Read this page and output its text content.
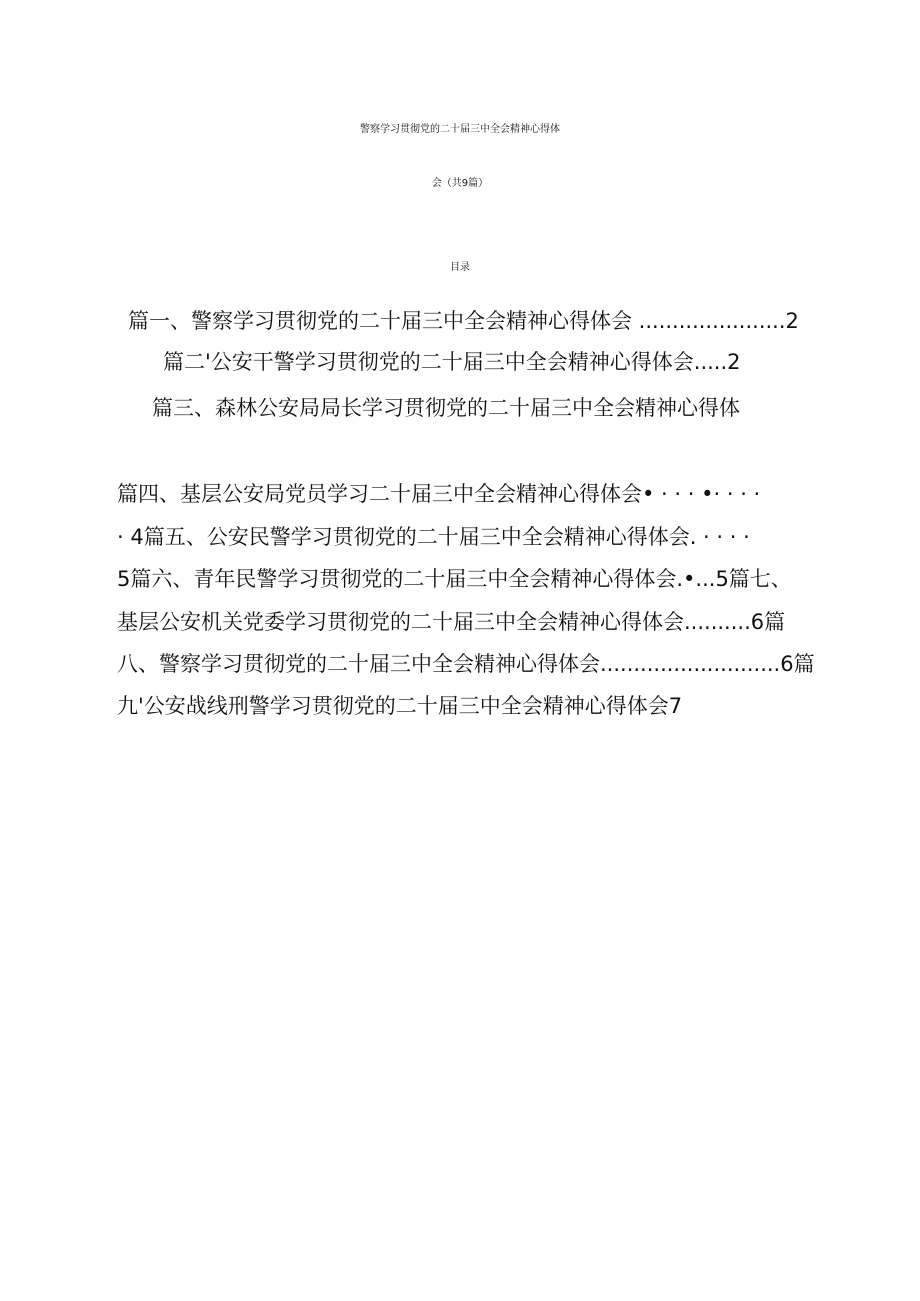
警察学习贯彻党的二十届三中全会精神心得体
会（共9篇）
目录
篇一、警察学习贯彻党的二十届三中全会精神心得体会 ......................2
篇二'公安干警学习贯彻党的二十届三中全会精神心得体会.....2
篇三、森林公安局局长学习贯彻党的二十届三中全会精神心得体
篇四、基层公安局党员学习二十届三中全会精神心得体会• · · · •· · · ·
· 4篇五、公安民警学习贯彻党的二十届三中全会精神心得体会. · · · ·
5篇六、青年民警学习贯彻党的二十届三中全会精神心得体会.•...5篇七、
基层公安机关党委学习贯彻党的二十届三中全会精神心得体会..........6篇
八、警察学习贯彻党的二十届三中全会精神心得体会...........................6篇
九'公安战线刑警学习贯彻党的二十届三中全会精神心得体会7
